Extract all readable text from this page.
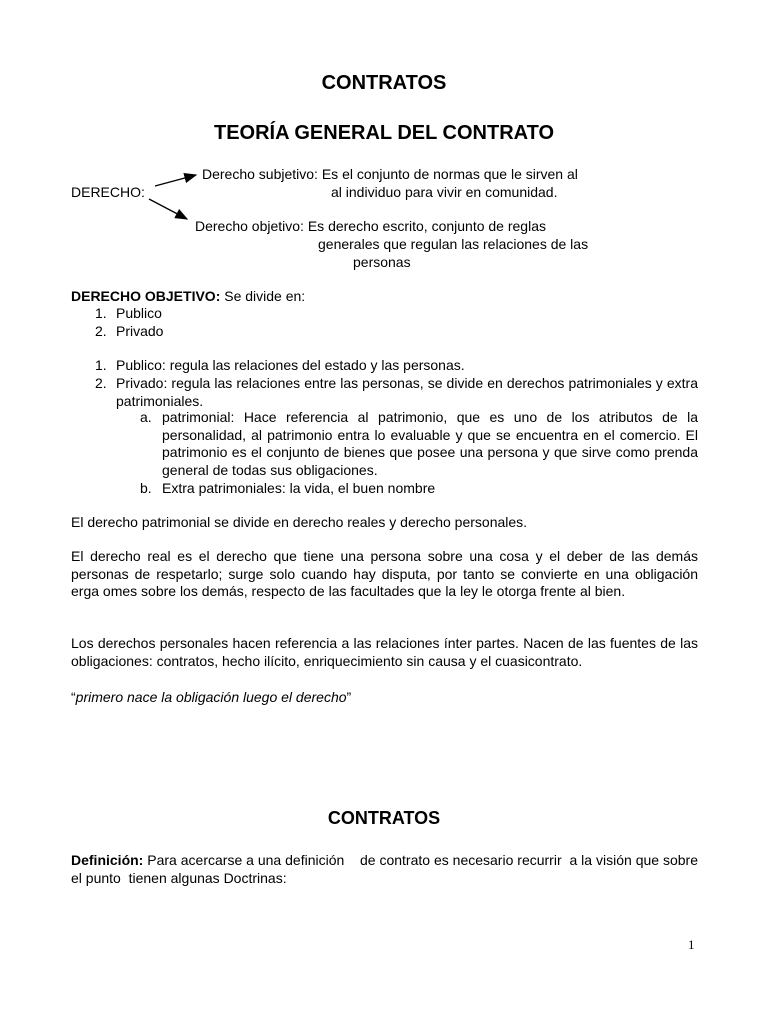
CONTRATOS
TEORÍA GENERAL DEL CONTRATO
Derecho subjetivo: Es el conjunto de normas que le sirven al
DERECHO:	al individuo para vivir en comunidad.
Derecho objetivo: Es derecho escrito, conjunto de reglas
generales que regulan las relaciones de las
personas
DERECHO OBJETIVO: Se divide en:
1. Publico
2. Privado
1. Publico: regula las relaciones del estado y las personas.
2. Privado: regula las relaciones entre las personas, se divide en derechos patrimoniales y extra patrimoniales.
a. patrimonial: Hace referencia al patrimonio, que es uno de los atributos de la personalidad, al patrimonio entra lo evaluable y que se encuentra en el comercio. El patrimonio es el conjunto de bienes que posee una persona y que sirve como prenda general de todas sus obligaciones.
b. Extra patrimoniales: la vida, el buen nombre
El derecho patrimonial se divide en derecho reales y derecho personales.
El derecho real es el derecho que tiene una persona sobre una cosa y el deber de las demás personas de respetarlo; surge solo cuando hay disputa, por tanto se convierte en una obligación erga omes sobre los demás, respecto de las facultades que la ley le otorga frente al bien.
Los derechos personales hacen referencia a las relaciones ínter partes. Nacen de las fuentes de las obligaciones: contratos, hecho ilícito, enriquecimiento sin causa y el cuasicontrato.
“primero nace la obligación luego el derecho”
CONTRATOS
Definición: Para acercarse a una definición    de contrato es necesario recurrir  a la visión que sobre el punto  tienen algunas Doctrinas:
1
